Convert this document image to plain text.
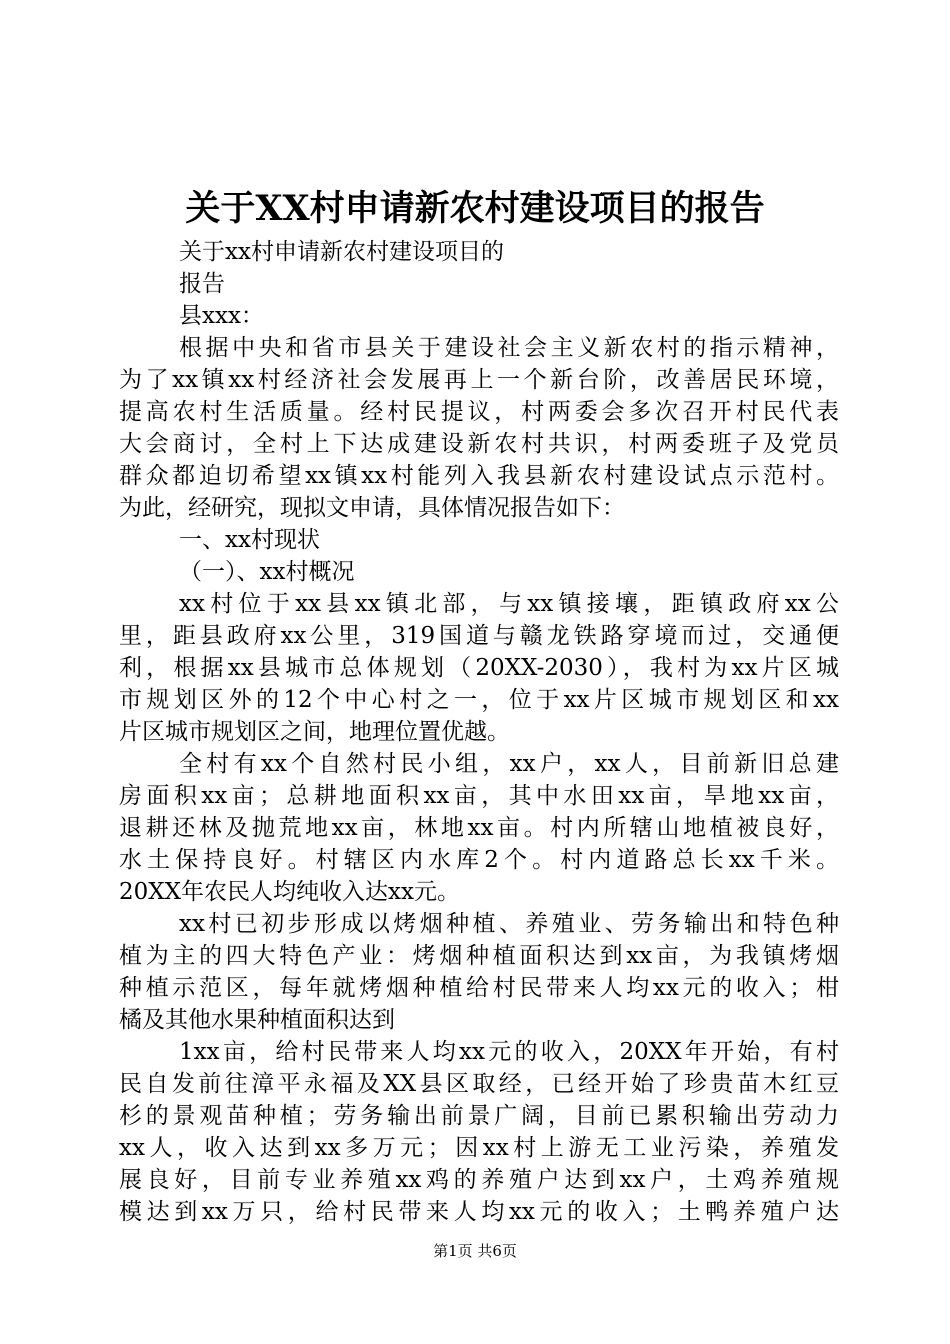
关于XX村申请新农村建设项目的报告
关于xx村申请新农村建设项目的
报告
县xxx：
根据中央和省市县关于建设社会主义新农村的指示精神，
为了xx镇xx村经济社会发展再上一个新台阶，改善居民环境，
提高农村生活质量。经村民提议，村两委会多次召开村民代表
大会商讨，全村上下达成建设新农村共识，村两委班子及党员
群众都迫切希望xx镇xx村能列入我县新农村建设试点示范村。
为此，经研究，现拟文申请，具体情况报告如下：
一、xx村现状
（一）、xx村概况
xx村位于xx县xx镇北部，与xx镇接壤，距镇政府xx公
里，距县政府xx公里，319国道与赣龙铁路穿境而过，交通便
利，根据xx县城市总体规划（20XX-2030），我村为xx片区城
市规划区外的12个中心村之一，位于xx片区城市规划区和xx
片区城市规划区之间，地理位置优越。
全村有xx个自然村民小组，xx户，xx人，目前新旧总建
房面积xx亩；总耕地面积xx亩，其中水田xx亩，旱地xx亩，
退耕还林及抛荒地xx亩，林地xx亩。村内所辖山地植被良好，
水土保持良好。村辖区内水库2个。村内道路总长xx千米。
20XX年农民人均纯收入达xx元。
xx村已初步形成以烤烟种植、养殖业、劳务输出和特色种
植为主的四大特色产业：烤烟种植面积达到xx亩，为我镇烤烟
种植示范区，每年就烤烟种植给村民带来人均xx元的收入；柑
橘及其他水果种植面积达到
1xx亩，给村民带来人均xx元的收入，20XX年开始，有村
民自发前往漳平永福及XX县区取经，已经开始了珍贵苗木红豆
杉的景观苗种植；劳务输出前景广阔，目前已累积输出劳动力
xx人，收入达到xx多万元；因xx村上游无工业污染，养殖发
展良好，目前专业养殖xx鸡的养殖户达到xx户，土鸡养殖规
模达到xx万只，给村民带来人均xx元的收入；土鸭养殖户达
第1页 共6页
